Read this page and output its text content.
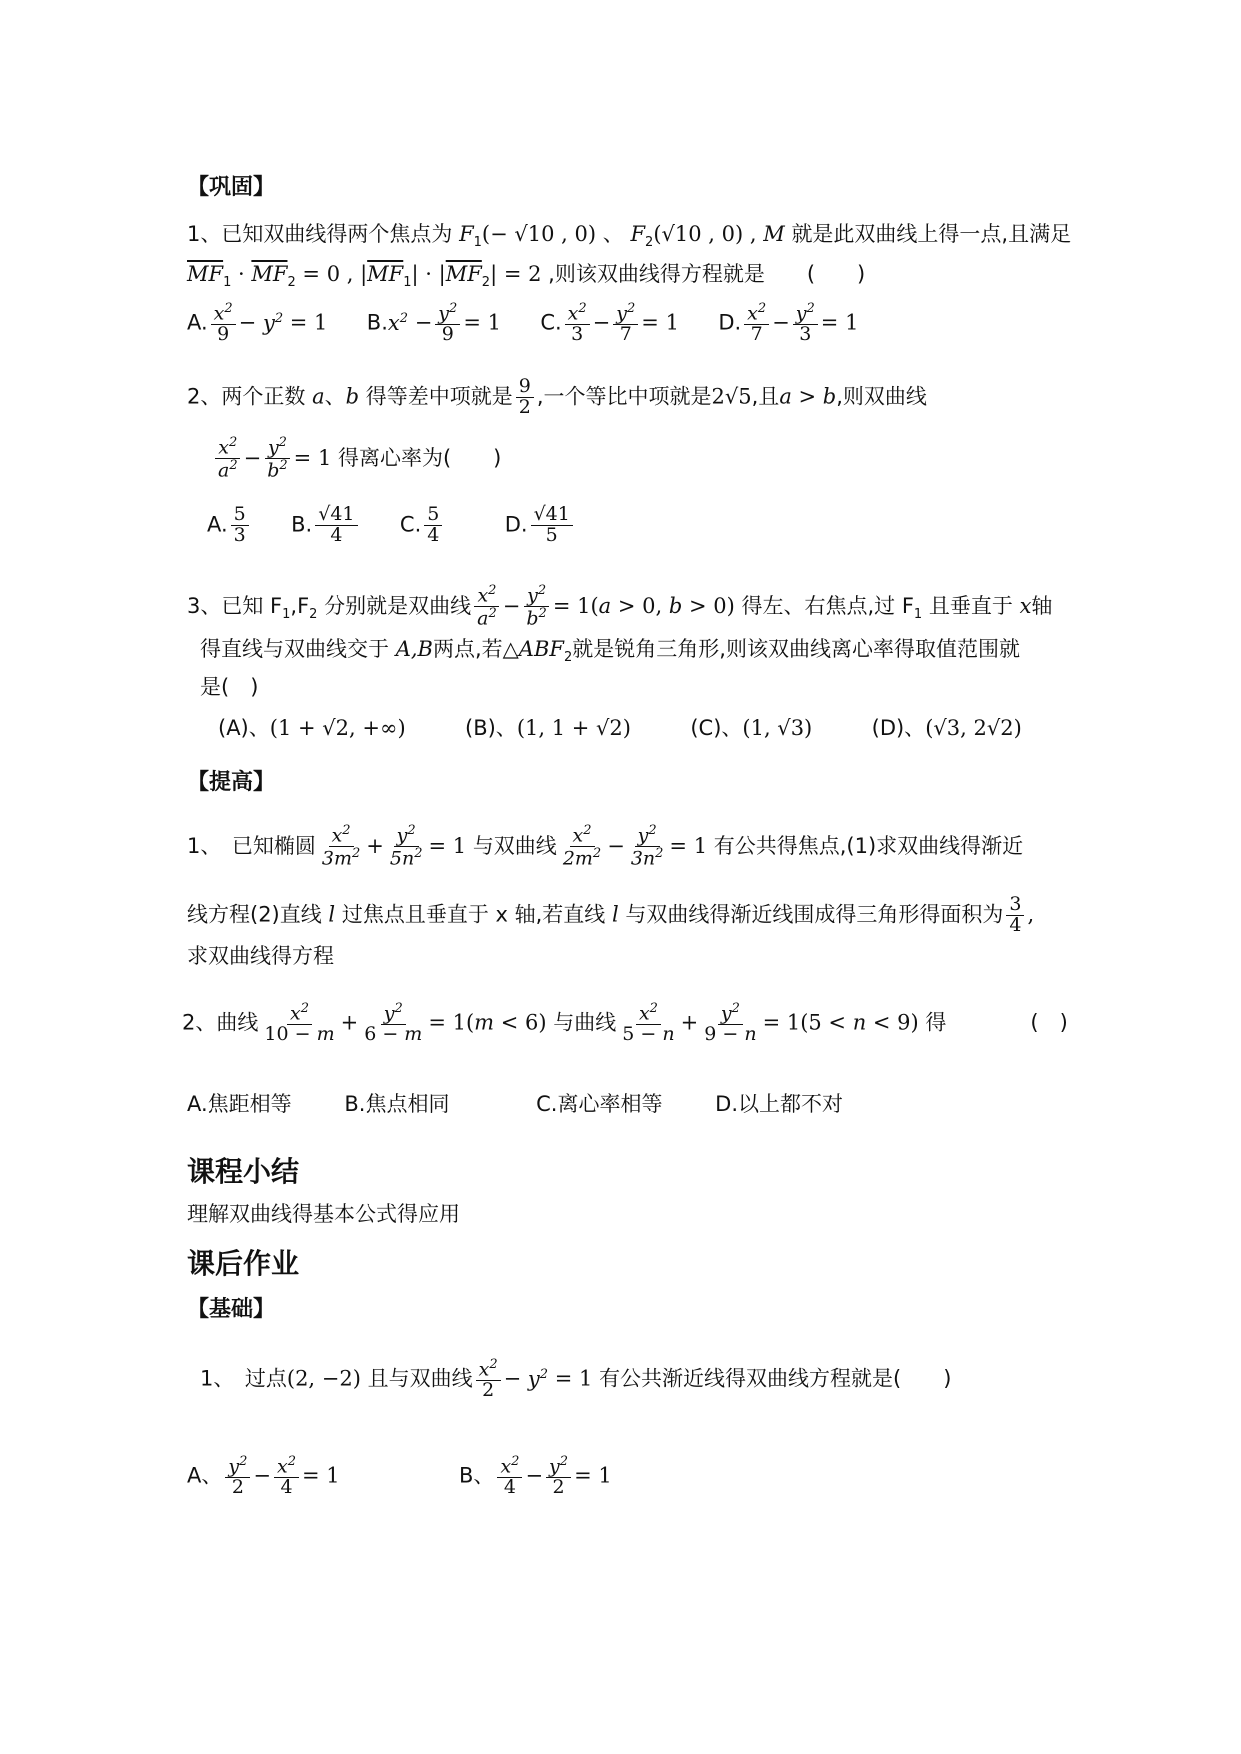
【巩固】
1、已知双曲线得两个焦点为 $F_1(- √10$ , 0) 、 $F_2(√10$ , 0) , M 就是此双曲线上得一点,且满足
$\overline{MF}_1 \cdot \overline{MF}_2 = 0$ , $|\overline{MF}_1| \cdot |\overline{MF}_2| = 2$ ,则该双曲线得方程就是　　(　　)
A. $\frac{x^2}{9} - y^2 = 1$ $B.x^2 - \frac{y^2}{9} = 1$ C. $\frac{x^2}{3} - \frac{y^2}{7} = 1$ D. $\frac{x^2}{7} - \frac{y^2}{3} = 1$
2、两个正数 a、b 得等差中项就是 $\frac{9}{2}$ ,一个等比中项就是2√5,且a > b,则双曲线
$\frac{x^2}{a^2} - \frac{y^2}{b^2} = 1$ 得离心率为(　　)
A. $\frac{5}{3} B$. $\frac{√41}{4} C$. $\frac{5}{4}$	D. $\frac{√41}{5}$
3、已知 $F_1,F_2$ 分别就是双曲线 $\frac{x^2}{a^2} - \frac{y^2}{b^2} = 1(a > 0$, b > 0) 得左、右焦点,过 $F_1$ 且垂直于 x轴
得直线与双曲线交于 A,B两点,若$\triangle ABF_2$就是锐角三角形,则该双曲线离心率得取值范围就
是(　)
(A)、(1 + √2, +∞)	(B)、(1, 1 + √2)	(C)、(1, √3)	(D)、(√3, 2√2)
【提高】
1、　已知椭圆 $\frac{x^2}{3m^2} + \frac{y^2}{5n^2} = 1$ 与双曲线 $\frac{x^2}{2m^2} - \frac{y^2}{3n^2} = 1$ 有公共得焦点,(1)求双曲线得渐近
线方程(2)直线 l 过焦点且垂直于 x 轴,若直线 l 与双曲线得渐近线围成得三角形得面积为 $\frac{3}{4}$ ,
求双曲线得方程
2、曲线 $\frac{x^2}{10 - m} + \frac{y^2}{6 - m} = 1(m < 6)$ 与曲线 $\frac{x^2}{5 - n} + \frac{y^2}{9 - n} = 1(5 < n < 9)$ 得　　　　(　)
A.焦距相等	B.焦点相同	C.离心率相等	D.以上都不对
课程小结
理解双曲线得基本公式得应用
课后作业
【基础】
1、　过点(2, −2) 且与双曲线 $\frac{x^2}{2} - y^2 = 1$ 有公共渐近线得双曲线方程就是(　　)
A、 $\frac{y^2}{2} - \frac{x^2}{4} = 1$	B、 $\frac{x^2}{4} - \frac{y^2}{2} = 1$
